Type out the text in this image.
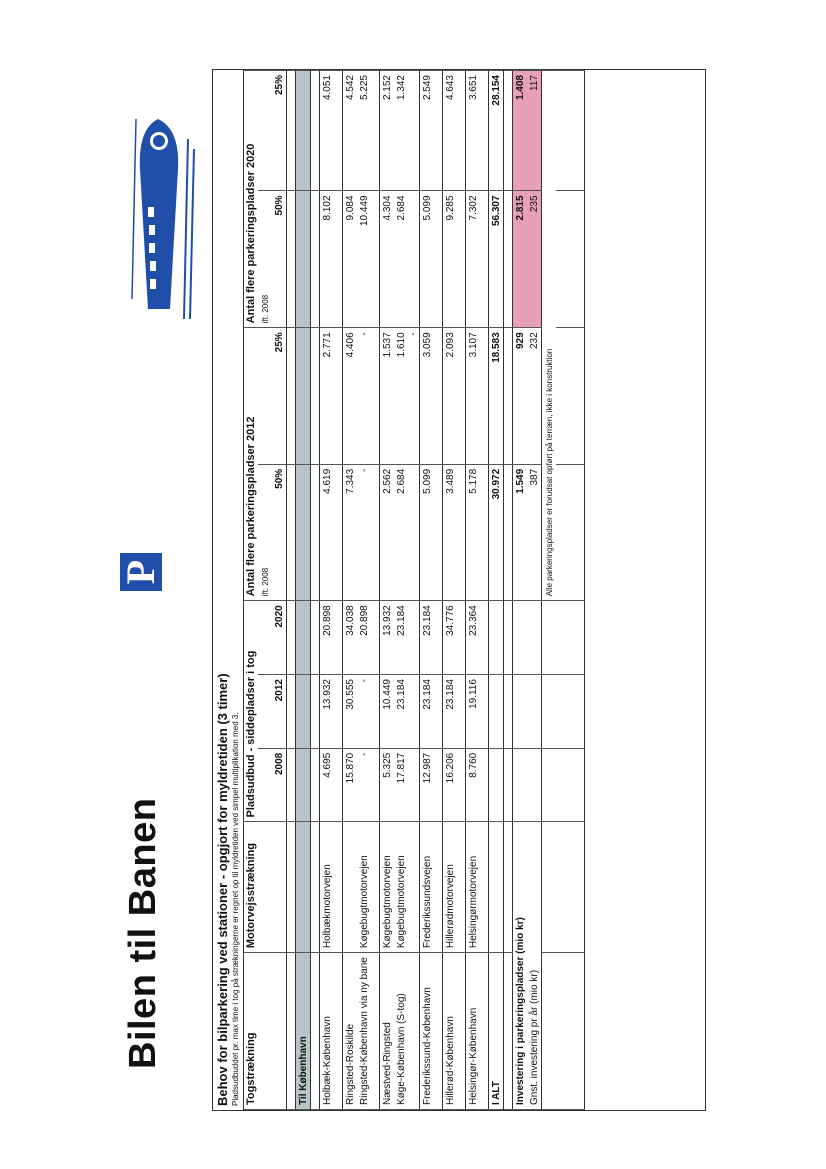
Bilen til Banen
P
Behov for bilparkering ved stationer - opgjort for myldretiden (3 timer) Pladsudbuddet pr. max time i tog på strækningerne er regnet op til myldretiden ved simpel multiplikation med 3. Togstrækning	Motorvejsstrækning	Pladsudbud - siddepladser i tog			Antal flere parkeringspladser 2012		Antal flere parkeringspladser 2020	
					ift. 2008		ift. 2008	
		2008	2012	2020	50%	25%	50%	25%

Til København								

Holbæk-København	Holbækmotorvejen	4.695	13.932	20.898	4.619	2.771	8.102	4.051

Ringsted-Roskilde		15.870	30.555	34.038	7.343	4.406	9.084	4.542
Ringsted-København via ny bane	Køgebugtmotorvejen	-	-	20.898	-	-	10.449	5.225

Næstved-Ringsted	Køgebugtmotorvejen	5.325	10.449	13.932	2.562	1.537	4.304	2.152
Køge-København (S-tog)	Køgebugtmotorvejen	17.817	23.184	23.184	2.684	1.610	2.684	1.342
						-		
Frederikssund-København	Frederikssundsvejen	12.987	23.184	23.184	5.099	3.059	5.099	2.549

Hillerød-København	Hillerødmotorvejen	16.206	23.184	34.776	3.489	2.093	9.285	4.643

Helsingør-København	Helsingørmotorvejen	8.760	19.116	23.364	5.178	3.107	7.302	3.651

I ALT					30.972	18.583	56.307	28.154

Investering i parkeringspladser (mio kr)					1.549	929	2.815	1.408
Gnst. investering pr år (mio kr)					387	232	235	117
					Alle parkeringspladser er forudsat opført på terræn, ikke i konstruktion			
